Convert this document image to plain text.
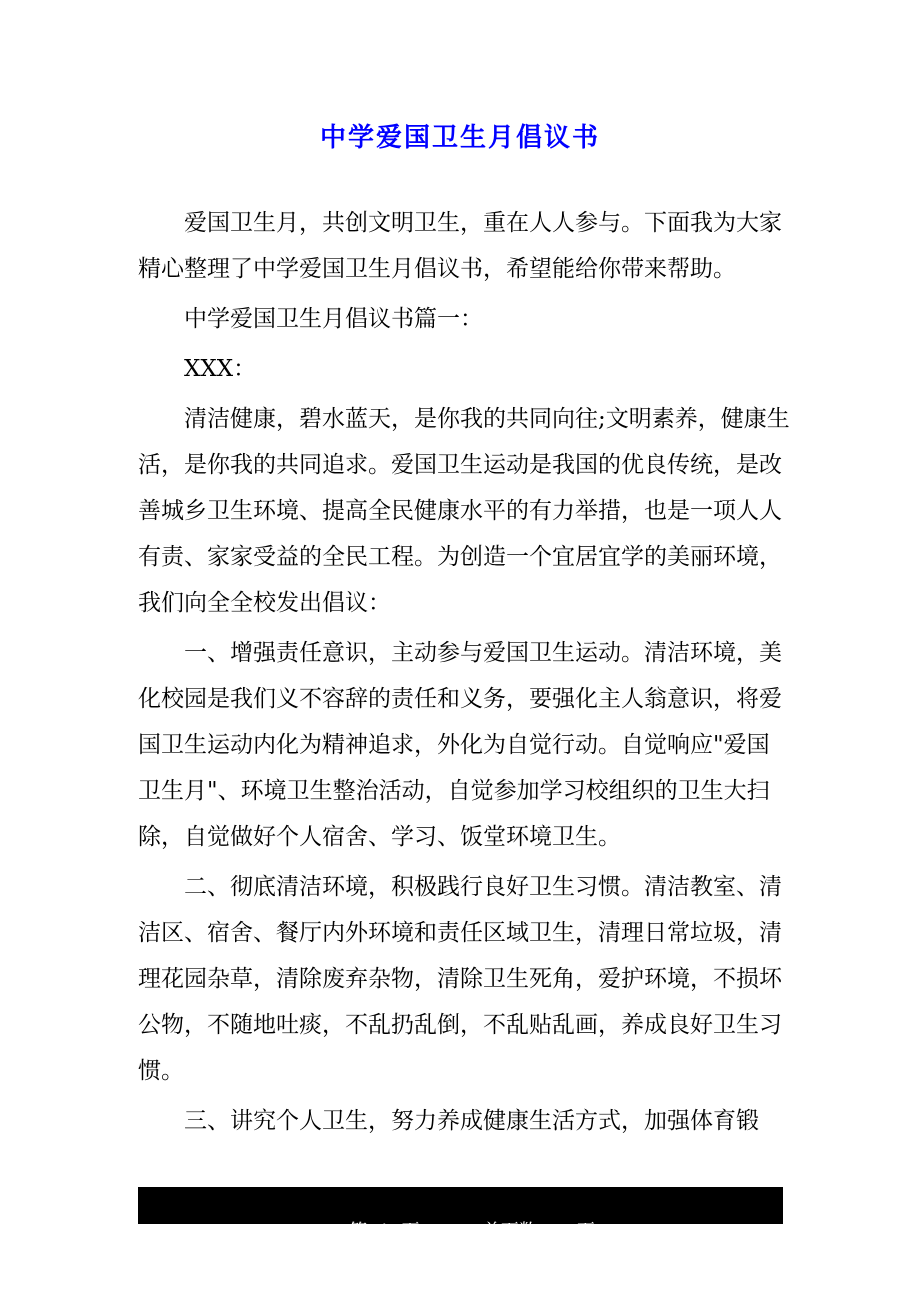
中学爱国卫生月倡议书

爱国卫生月，共创文明卫生，重在人人参与。下面我为大家精心整理了中学爱国卫生月倡议书，希望能给你带来帮助。

中学爱国卫生月倡议书篇一：

XXX：

清洁健康，碧水蓝天，是你我的共同向往;文明素养，健康生活，是你我的共同追求。爱国卫生运动是我国的优良传统，是改善城乡卫生环境、提高全民健康水平的有力举措，也是一项人人有责、家家受益的全民工程。为创造一个宜居宜学的美丽环境，我们向全全校发出倡议：

一、增强责任意识，主动参与爱国卫生运动。清洁环境，美化校园是我们义不容辞的责任和义务，要强化主人翁意识，将爱国卫生运动内化为精神追求，外化为自觉行动。自觉响应"爱国卫生月"、环境卫生整治活动，自觉参加学习校组织的卫生大扫除，自觉做好个人宿舍、学习、饭堂环境卫生。

二、彻底清洁环境，积极践行良好卫生习惯。清洁教室、清洁区、宿舍、餐厅内外环境和责任区域卫生，清理日常垃圾，清理花园杂草，清除废弃杂物，清除卫生死角，爱护环境，不损坏公物，不随地吐痰，不乱扔乱倒，不乱贴乱画，养成良好卫生习惯。

三、讲究个人卫生，努力养成健康生活方式，加强体育锻

第 1 页 / 总页数 5 页
